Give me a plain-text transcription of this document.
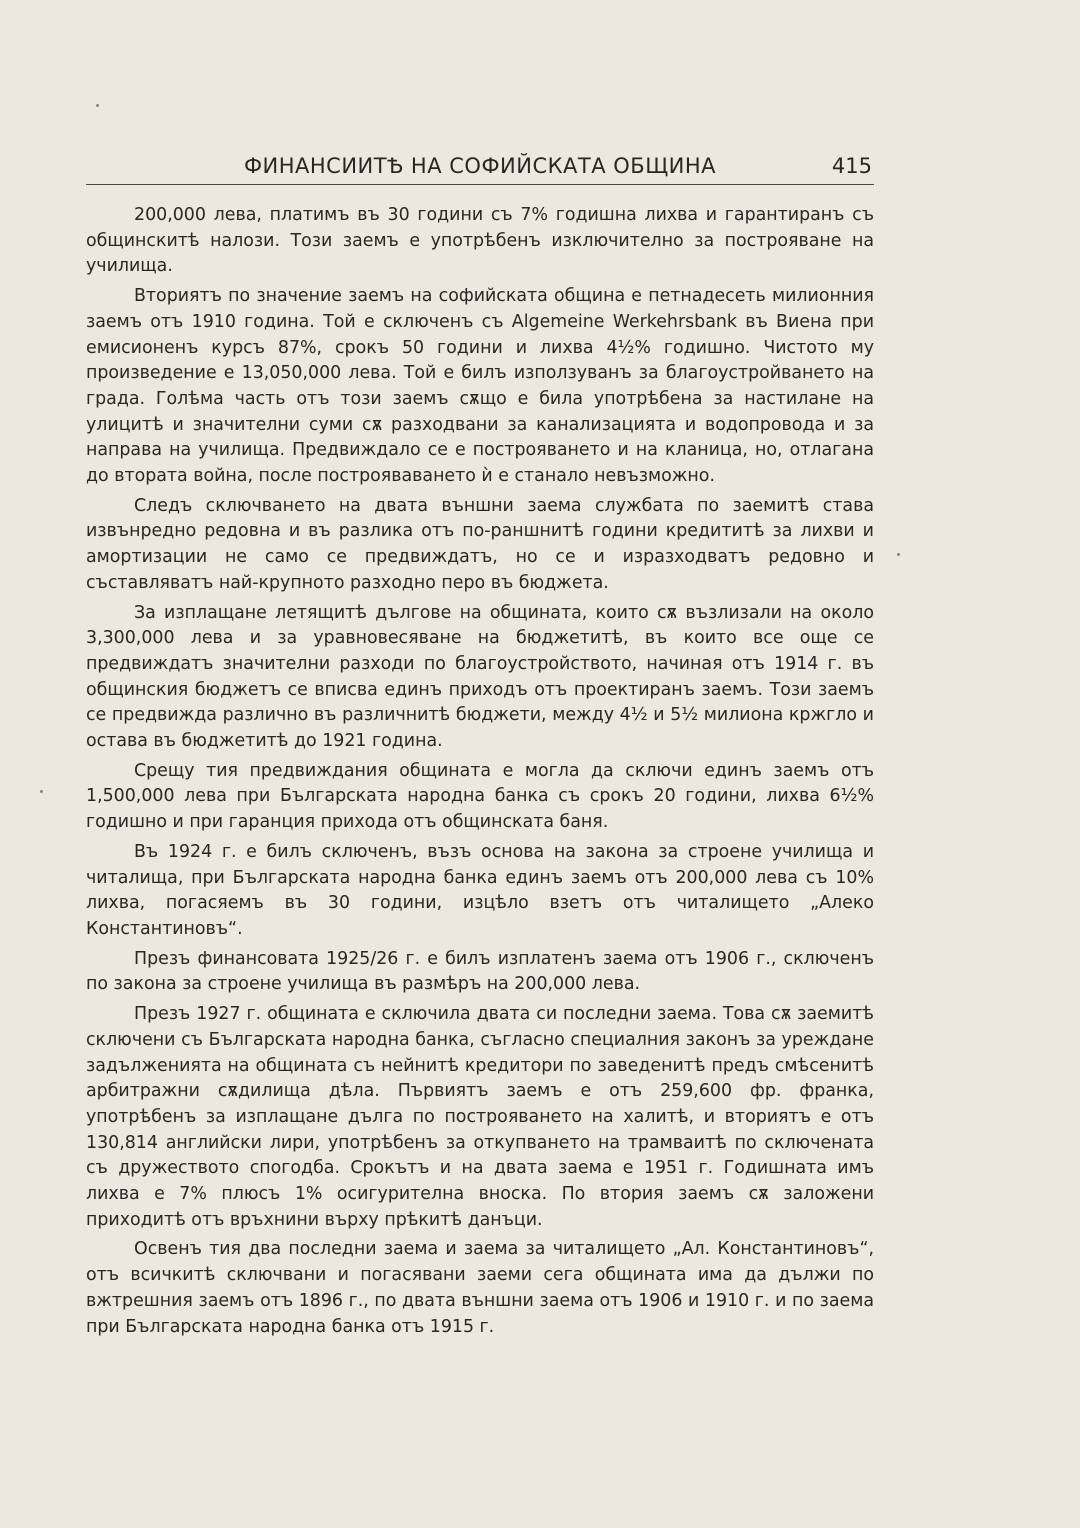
ФИНАНСИИТѢ НА СОФИЙСКАТА ОБЩИНА	415

200,000 лева, платимъ въ 30 години съ 7% годишна лихва и гарантиранъ съ общинскитѣ налози. Този заемъ е употрѣбенъ изключително за построяване на училища.

Вториятъ по значение заемъ на софийската община е петнадесеть милионния заемъ отъ 1910 година. Той е сключенъ съ Algemeine Werkehrsbank въ Виена при емисионенъ курсъ 87%, срокъ 50 години и лихва 4½% годишно. Чистото му произведение е 13,050,000 лева. Той е билъ използуванъ за благоустройването на града. Голѣма часть отъ този заемъ сѫщо е била употрѣбена за настилане на улицитѣ и значителни суми сѫ разходвани за канализацията и водопровода и за направа на училища. Предвиждало се е построяването и на кланица, но, отлагана до втората война, после построяваването ѝ е станало невъзможно.

Следъ сключването на двата външни заема службата по заемитѣ става извънредно редовна и въ разлика отъ по-раншнитѣ години кредититѣ за лихви и амортизации не само се предвиждатъ, но се и изразходватъ редовно и съставляватъ най-крупното разходно перо въ бюджета.

За изплащане летящитѣ дългове на общината, които сѫ възлизали на около 3,300,000 лева и за уравновесяване на бюджетитѣ, въ които все още се предвиждатъ значителни разходи по благоустройството, начиная отъ 1914 г. въ общинския бюджетъ се вписва единъ приходъ отъ проектиранъ заемъ. Този заемъ се предвижда различно въ различнитѣ бюджети, между 4½ и 5½ милиона кржгло и остава въ бюджетитѣ до 1921 година.

Срещу тия предвиждания общината е могла да сключи единъ заемъ отъ 1,500,000 лева при Българската народна банка съ срокъ 20 години, лихва 6½% годишно и при гаранция прихода отъ общинската баня.

Въ 1924 г. е билъ сключенъ, възъ основа на закона за строене училища и читалища, при Българската народна банка единъ заемъ отъ 200,000 лева съ 10% лихва, погасяемъ въ 30 години, изцѣло взетъ отъ читалището „Алеко Константиновъ“.

Презъ финансовата 1925/26 г. е билъ изплатенъ заема отъ 1906 г., сключенъ по закона за строене училища въ размѣръ на 200,000 лева.

Презъ 1927 г. общината е сключила двата си последни заема. Това сѫ заемитѣ сключени съ Българската народна банка, съгласно специалния законъ за уреждане задълженията на общината съ нейнитѣ кредитори по заведенитѣ предъ смѣсенитѣ арбитражни сѫдилища дѣла. Първиятъ заемъ е отъ 259,600 фр. франка, употрѣбенъ за изплащане дълга по построяването на халитѣ, и вториятъ е отъ 130,814 английски лири, употрѣбенъ за откупването на трамваитѣ по сключената съ дружеството спогодба. Срокътъ и на двата заема е 1951 г. Годишната имъ лихва е 7% плюсъ 1% осигурителна вноска. По втория заемъ сѫ заложени приходитѣ отъ връхнини върху прѣкитѣ данъци.

Освенъ тия два последни заема и заема за читалището „Ал. Константиновъ“, отъ всичкитѣ сключвани и погасявани заеми сега общината има да дължи по вжтрешния заемъ отъ 1896 г., по двата външни заема отъ 1906 и 1910 г. и по заема при Българската народна банка отъ 1915 г.
